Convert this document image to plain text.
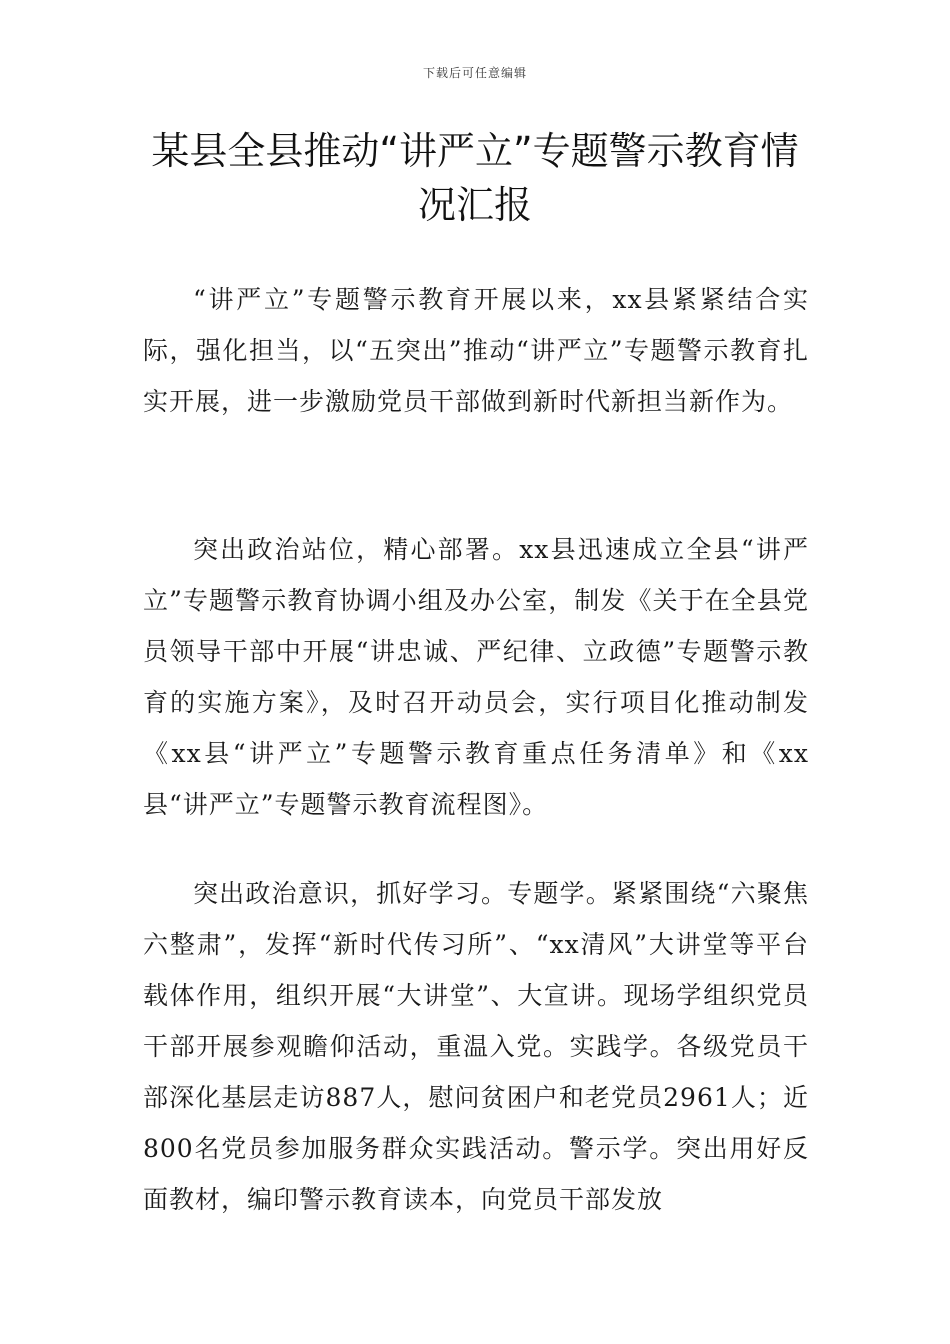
下载后可任意编辑
某县全县推动“讲严立”专题警示教育情
况汇报

“讲严立”专题警示教育开展以来，xx县紧紧结合实际，强化担当，以“五突出”推动“讲严立”专题警示教育扎实开展，进一步激励党员干部做到新时代新担当新作为。

突出政治站位，精心部署。xx县迅速成立全县“讲严立”专题警示教育协调小组及办公室，制发《关于在全县党员领导干部中开展“讲忠诚、严纪律、立政德”专题警示教育的实施方案》，及时召开动员会，实行项目化推动制发《xx县“讲严立”专题警示教育重点任务清单》和《xx县“讲严立”专题警示教育流程图》。

突出政治意识，抓好学习。专题学。紧紧围绕“六聚焦六整肃”，发挥“新时代传习所”、“xx清风”大讲堂等平台载体作用，组织开展“大讲堂”、大宣讲。现场学组织党员干部开展参观瞻仰活动，重温入党。实践学。各级党员干部深化基层走访887人，慰问贫困户和老党员2961人；近800名党员参加服务群众实践活动。警示学。突出用好反面教材，编印警示教育读本，向党员干部发放
